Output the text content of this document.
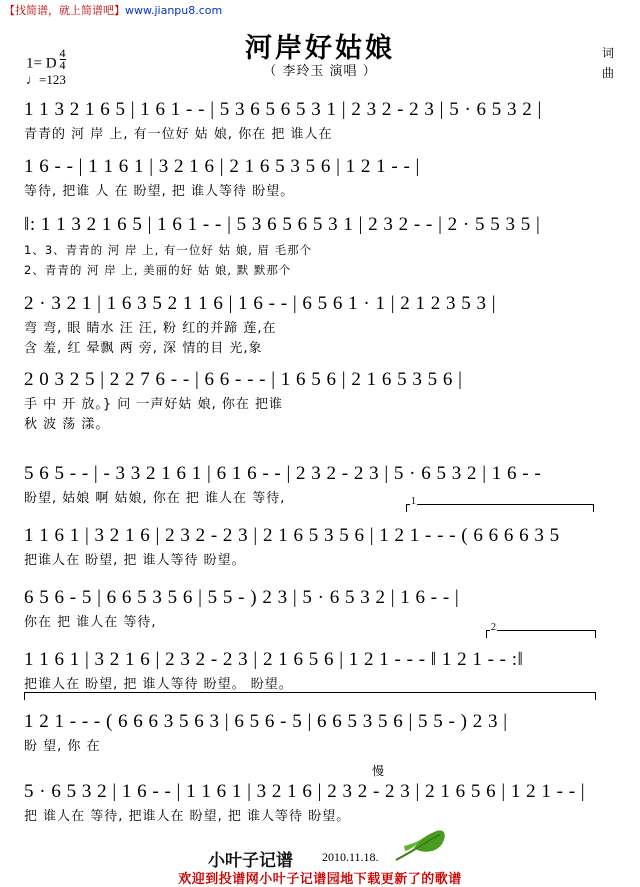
【找简谱，就上简谱吧】www.jianpu8.com
河岸好姑娘
（ 李玲玉 演唱 ）
词
曲
1= D $\frac{4}{4}$
♩=123
1 1 3 2 1 6 5 | 1 6 1 - - | 5 3 6 5 6 5 3 1 | 2 3 2 - 2 3 | 5 · 6 5 3 2 |
青青的 河 岸 上, 有一位好 姑 娘, 你在 把 谁人在
1 6 - - | 1 1 6 1 | 3 2 1 6 | 2 1 6 5 3 5 6 | 1 2 1 - - |
等待, 把谁 人 在 盼望, 把 谁人等待 盼望。
‖: 1 1 3 2 1 6 5 | 1 6 1 - - | 5 3 6 5 6 5 3 1 | 2 3 2 - - | 2 · 5 5 3 5 |
1、3、青青的 河 岸 上, 有一位好 姑 娘, 眉 毛那个
2、青青的 河 岸 上, 美丽的好 姑 娘, 默 默那个
2 · 3 2 1 | 1 6 3 5 2 1 1 6 | 1 6 - - | 6 5 6 1 · 1 | 2 1 2 3 5 3 |
弯 弯, 眼 睛水 汪 汪, 粉 红的并蹄 莲,在
含 羞, 红 晕飘 两 旁, 深 情的目 光,象
2 0 3 2 5 | 2 2 7 6 - - | 6 6 - - - | 1 6 5 6 | 2 1 6 5 3 5 6 |
手 中 开 放。} 问 一声好姑 娘, 你在 把谁
秋 波 荡 漾。
5 6 5 - - | - 3 3 2 1 6 1 | 6 1 6 - - | 2 3 2 - 2 3 | 5 · 6 5 3 2 | 1 6 - -
盼望, 姑娘 啊 姑娘, 你在 把 谁人在 等待,
1 1 6 1 | 3 2 1 6 | 2 3 2 - 2 3 | 2 1 6 5 3 5 6 | 1 2 1 - - - ( 6 6 6 6 3 5
把谁人在 盼望, 把 谁人等待 盼望。
6 5 6 - 5 | 6 6 5 3 5 6 | 5 5 - ) 2 3 | 5 · 6 5 3 2 | 1 6 - - |
你在 把 谁人在 等待,
1 1 6 1 | 3 2 1 6 | 2 3 2 - 2 3 | 2 1 6 5 6 | 1 2 1 - - - ‖ 1 2 1 - - :‖
把谁人在 盼望, 把 谁人等待 盼望。 盼望。
1 2 1 - - - ( 6 6 6 3 5 6 3 | 6 5 6 - 5 | 6 6 5 3 5 6 | 5 5 - ) 2 3 |
盼 望, 你 在
5 · 6 5 3 2 | 1 6 - - | 1 1 6 1 | 3 2 1 6 | 2 3 2 - 2 3 | 2 1 6 5 6 | 1 2 1 - - |
把 谁人在 等待, 把谁人在 盼望, 把 谁人等待 盼望。
1
2
慢
小叶子记谱 2010.11.18.
欢迎到投谱网小叶子记谱园地下载更新了的歌谱
